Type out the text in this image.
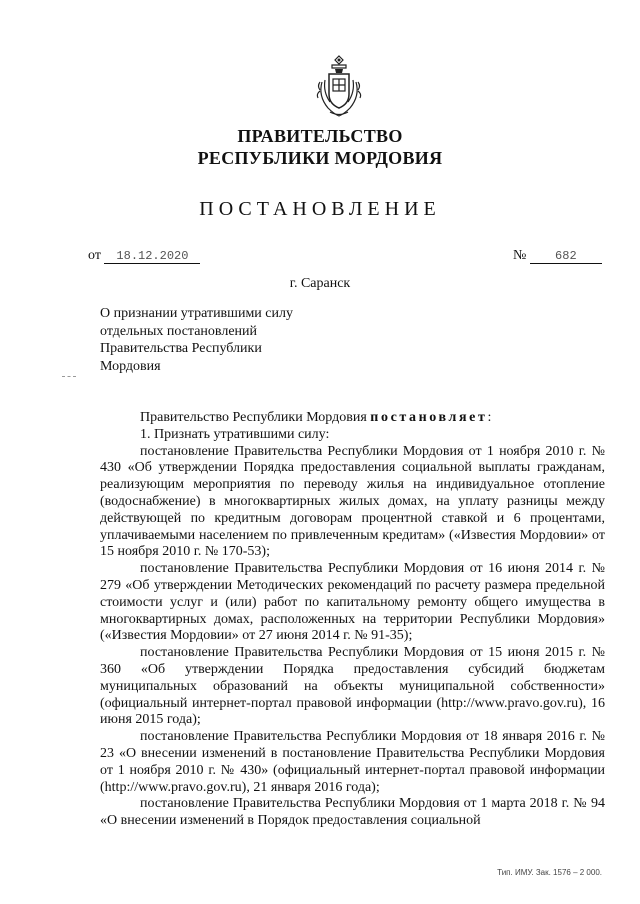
ПРАВИТЕЛЬСТВО
РЕСПУБЛИКИ МОРДОВИЯ
ПОСТАНОВЛЕНИЕ
от 18.12.2020	№ 682
г. Саранск
О признании утратившими силу
отдельных постановлений
Правительства Республики
Мордовия

Правительство Республики Мордовия постановляет:

1. Признать утратившими силу:

постановление Правительства Республики Мордовия от 1 ноября 2010 г. № 430 «Об утверждении Порядка предоставления социальной выплаты гражданам, реализующим мероприятия по переводу жилья на индивидуальное отопление (водоснабжение) в многоквартирных жилых домах, на уплату разницы между действующей по кредитным договорам процентной ставкой и 6 процентами, уплачиваемыми населением по привлеченным кредитам» («Известия Мордовии» от 15 ноября 2010 г. № 170-53);

постановление Правительства Республики Мордовия от 16 июня 2014 г. № 279 «Об утверждении Методических рекомендаций по расчету размера предельной стоимости услуг и (или) работ по капитальному ремонту общего имущества в многоквартирных домах, расположенных на территории Республики Мордовия» («Известия Мордовии» от 27 июня 2014 г. № 91-35);

постановление Правительства Республики Мордовия от 15 июня 2015 г. № 360 «Об утверждении Порядка предоставления субсидий бюджетам муниципальных образований на объекты муниципальной собственности» (официальный интернет-портал правовой информации (http://www.pravo.gov.ru), 16 июня 2015 года);

постановление Правительства Республики Мордовия от 18 января 2016 г. № 23 «О внесении изменений в постановление Правительства Республики Мордовия от 1 ноября 2010 г. № 430» (официальный интернет-портал правовой информации (http://www.pravo.gov.ru), 21 января 2016 года);

постановление Правительства Республики Мордовия от 1 марта 2018 г. № 94 «О внесении изменений в Порядок предоставления социальной

Тип. ИМУ. Зак. 1576 – 2 000.
